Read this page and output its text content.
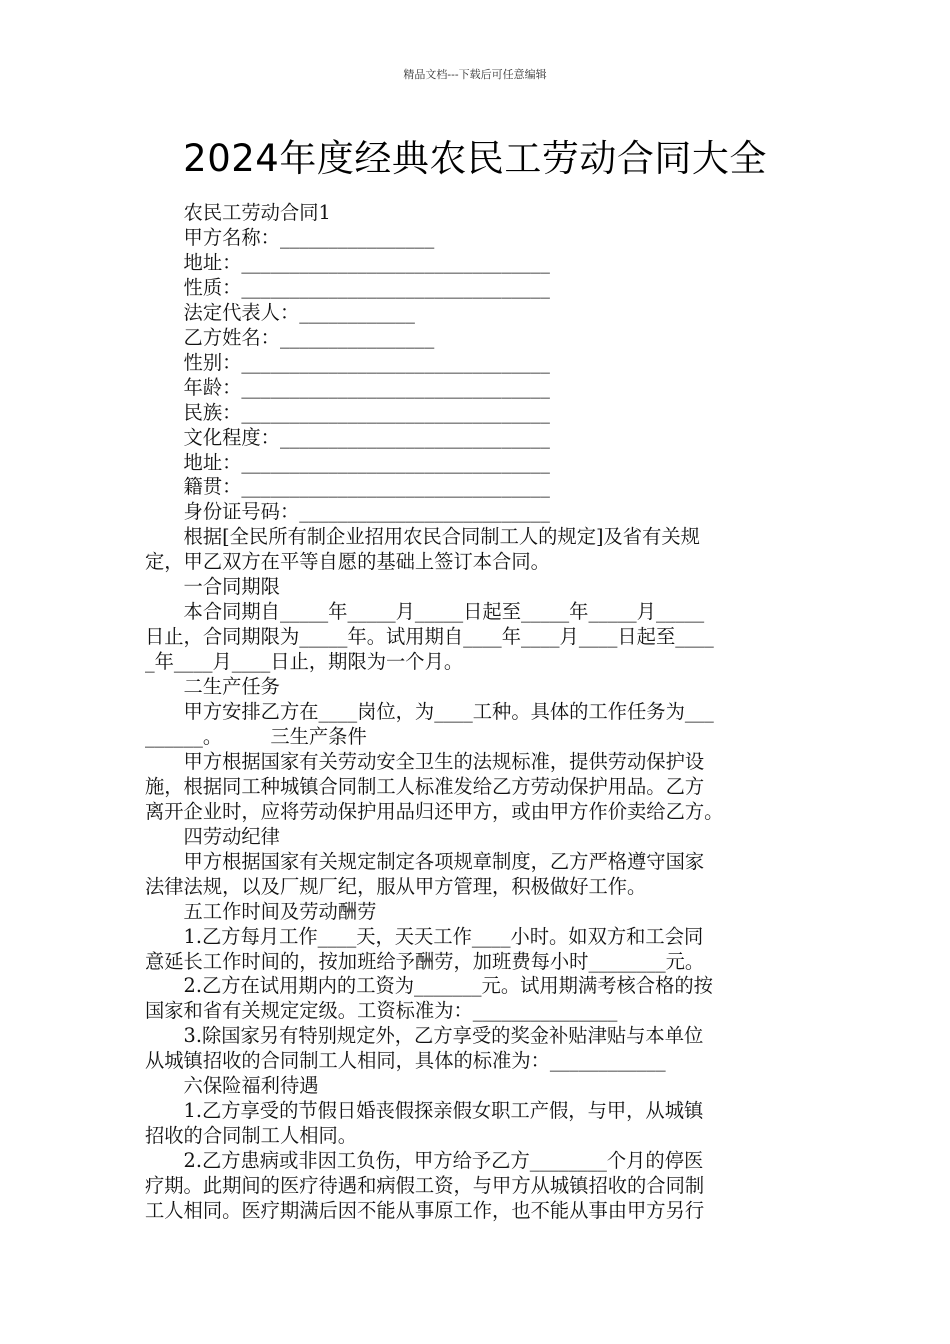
精品文档---下载后可任意编辑
2024年度经典农民工劳动合同大全
　　农民工劳动合同1
　　甲方名称：________________
　　地址：________________________________
　　性质：________________________________
　　法定代表人：____________
　　乙方姓名：________________
　　性别：________________________________
　　年龄：________________________________
　　民族：________________________________
　　文化程度：____________________________
　　地址：________________________________
　　籍贯：________________________________
　　身份证号码：__________________________
　　根据[全民所有制企业招用农民合同制工人的规定]及省有关规
定，甲乙双方在平等自愿的基础上签订本合同。
　　一合同期限
　　本合同期自_____年_____月_____日起至_____年_____月_____
日止，合同期限为_____年。试用期自____年____月____日起至____
_年____月____日止，期限为一个月。
　　二生产任务
　　甲方安排乙方在____岗位，为____工种。具体的工作任务为___
______。　　　三生产条件
　　甲方根据国家有关劳动安全卫生的法规标准，提供劳动保护设
施，根据同工种城镇合同制工人标准发给乙方劳动保护用品。乙方
离开企业时，应将劳动保护用品归还甲方，或由甲方作价卖给乙方。
　　四劳动纪律
　　甲方根据国家有关规定制定各项规章制度，乙方严格遵守国家
法律法规，以及厂规厂纪，服从甲方管理，积极做好工作。
　　五工作时间及劳动酬劳
　　1.乙方每月工作____天，天天工作____小时。如双方和工会同
意延长工作时间的，按加班给予酬劳，加班费每小时________元。
　　2.乙方在试用期内的工资为_______元。试用期满考核合格的按
国家和省有关规定定级。工资标准为：_______________
　　3.除国家另有特别规定外，乙方享受的奖金补贴津贴与本单位
从城镇招收的合同制工人相同，具体的标准为：____________
　　六保险福利待遇
　　1.乙方享受的节假日婚丧假探亲假女职工产假，与甲，从城镇
招收的合同制工人相同。
　　2.乙方患病或非因工负伤，甲方给予乙方________个月的停医
疗期。此期间的医疗待遇和病假工资，与甲方从城镇招收的合同制
工人相同。医疗期满后因不能从事原工作，也不能从事由甲方另行
